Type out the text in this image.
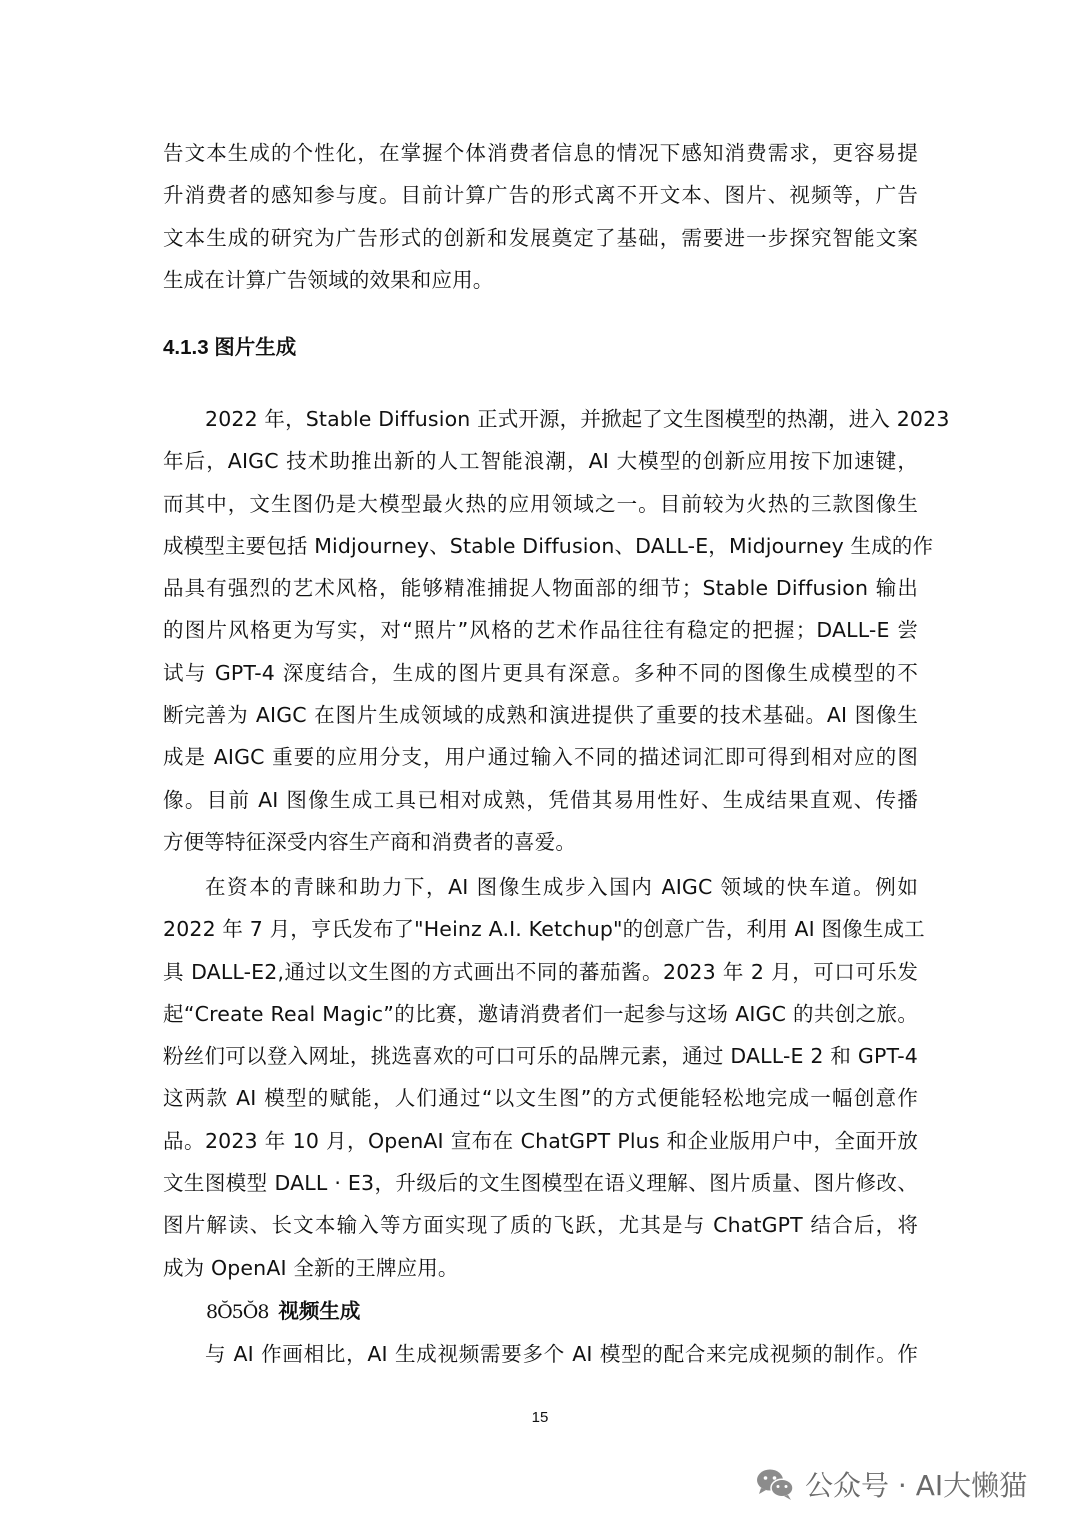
告文本生成的个性化，在掌握个体消费者信息的情况下感知消费需求，更容易提
升消费者的感知参与度。目前计算广告的形式离不开文本、图片、视频等，广告
文本生成的研究为广告形式的创新和发展奠定了基础，需要进一步探究智能文案
生成在计算广告领域的效果和应用。
4.1.3 图片生成
2022 年，Stable Diffusion 正式开源，并掀起了文生图模型的热潮，进入 2023
年后，AIGC 技术助推出新的人工智能浪潮，AI 大模型的创新应用按下加速键，
而其中，文生图仍是大模型最火热的应用领域之一。目前较为火热的三款图像生
成模型主要包括 Midjourney、Stable Diffusion、DALL-E，Midjourney 生成的作
品具有强烈的艺术风格，能够精准捕捉人物面部的细节；Stable Diffusion 输出
的图片风格更为写实，对“照片”风格的艺术作品往往有稳定的把握；DALL-E 尝
试与 GPT-4 深度结合，生成的图片更具有深意。多种不同的图像生成模型的不
断完善为 AIGC 在图片生成领域的成熟和演进提供了重要的技术基础。AI 图像生
成是 AIGC 重要的应用分支，用户通过输入不同的描述词汇即可得到相对应的图
像。目前 AI 图像生成工具已相对成熟，凭借其易用性好、生成结果直观、传播
方便等特征深受内容生产商和消费者的喜爱。
在资本的青睐和助力下，AI 图像生成步入国内 AIGC 领域的快车道。例如
2022 年 7 月，亨氏发布了"Heinz A.I. Ketchup"的创意广告，利用 AI 图像生成工
具 DALL-E2,通过以文生图的方式画出不同的蕃茄酱。2023 年 2 月，可口可乐发
起“Create Real Magic”的比赛，邀请消费者们一起参与这场 AIGC 的共创之旅。
粉丝们可以登入网址，挑选喜欢的可口可乐的品牌元素，通过 DALL-E 2 和 GPT-4
这两款 AI 模型的赋能，人们通过“以文生图”的方式便能轻松地完成一幅创意作
品。2023 年 10 月，OpenAI 宣布在 ChatGPT Plus 和企业版用户中，全面开放
文生图模型 DALL · E3，升级后的文生图模型在语义理解、图片质量、图片修改、
图片解读、长文本输入等方面实现了质的飞跃，尤其是与 ChatGPT 结合后，将
成为 OpenAI 全新的王牌应用。
8Ŏ5Ŏ8 视频生成
与 AI 作画相比，AI 生成视频需要多个 AI 模型的配合来完成视频的制作。作
15
公众号 · AI大懒猫
